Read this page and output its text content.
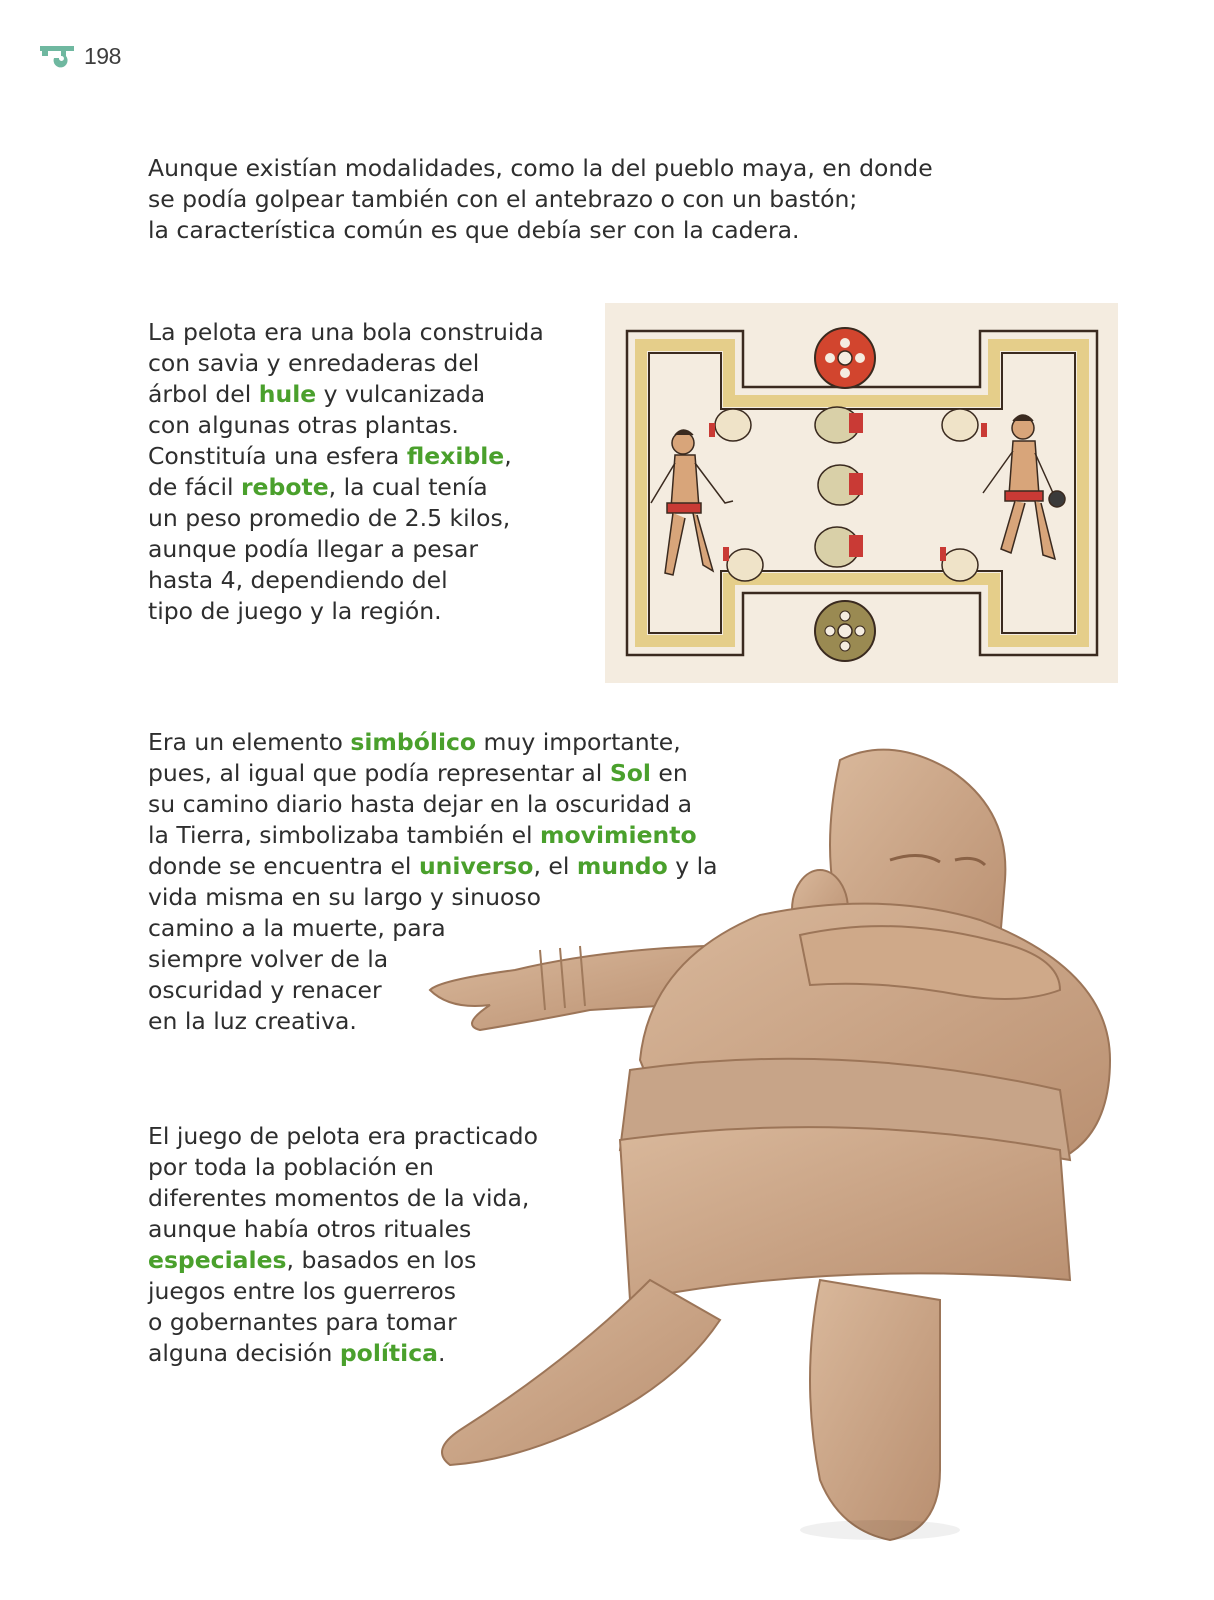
198

Aunque existían modalidades, como la del pueblo maya, en donde
se podía golpear también con el antebrazo o con un bastón;
la característica común es que debía ser con la cadera.

La pelota era una bola construida
con savia y enredaderas del
árbol del hule y vulcanizada
con algunas otras plantas.
Constituía una esfera flexible,
de fácil rebote, la cual tenía
un peso promedio de 2.5 kilos,
aunque podía llegar a pesar
hasta 4, dependiendo del
tipo de juego y la región.

Era un elemento simbólico muy importante,
pues, al igual que podía representar al Sol en
su camino diario hasta dejar en la oscuridad a
la Tierra, simbolizaba también el movimiento
donde se encuentra el universo, el mundo y la
vida misma en su largo y sinuoso
camino a la muerte, para
siempre volver de la
oscuridad y renacer
en la luz creativa.

El juego de pelota era practicado
por toda la población en
diferentes momentos de la vida,
aunque había otros rituales
especiales, basados en los
juegos entre los guerreros
o gobernantes para tomar
alguna decisión política.
